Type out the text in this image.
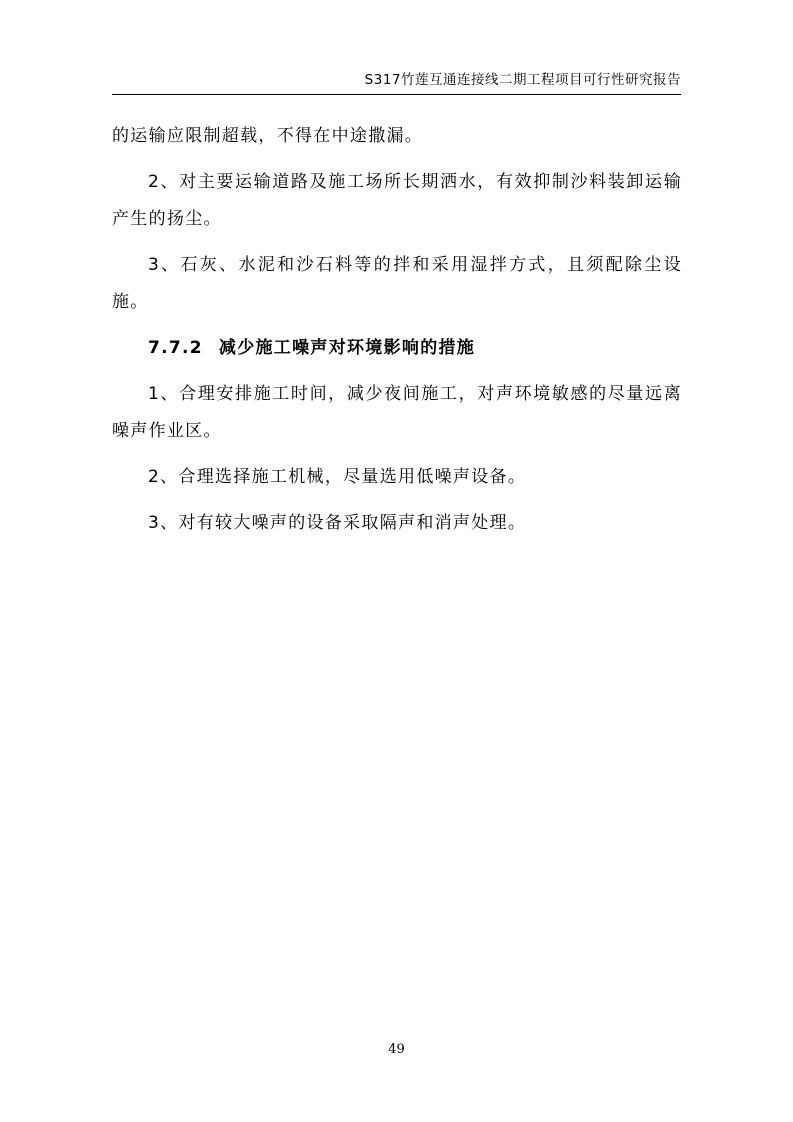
S317竹莲互通连接线二期工程项目可行性研究报告

的运输应限制超载，不得在中途撒漏。

2、对主要运输道路及施工场所长期洒水，有效抑制沙料装卸运输产生的扬尘。

3、石灰、水泥和沙石料等的拌和采用湿拌方式，且须配除尘设施。

7.7.2 减少施工噪声对环境影响的措施

1、合理安排施工时间，减少夜间施工，对声环境敏感的尽量远离噪声作业区。

2、合理选择施工机械，尽量选用低噪声设备。

3、对有较大噪声的设备采取隔声和消声处理。

49
